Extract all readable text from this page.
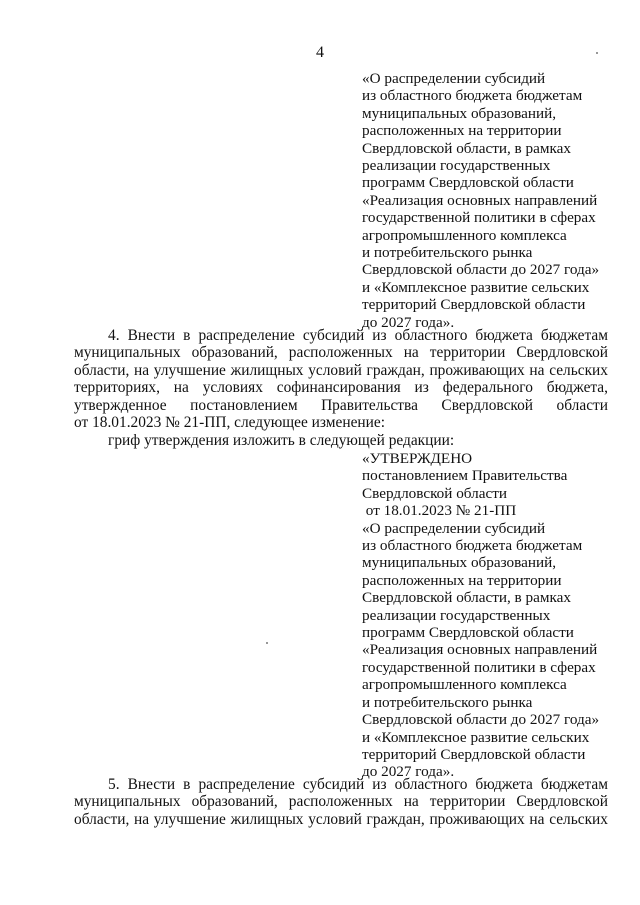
4
«О распределении субсидий
из областного бюджета бюджетам
муниципальных образований,
расположенных на территории
Свердловской области, в рамках
реализации государственных
программ Свердловской области
«Реализация основных направлений
государственной политики в сферах
агропромышленного комплекса
и потребительского рынка
Свердловской области до 2027 года»
и «Комплексное развитие сельских
территорий Свердловской области
до 2027 года».
4. Внести в распределение субсидий из областного бюджета бюджетам
муниципальных образований, расположенных на территории Свердловской
области, на улучшение жилищных условий граждан, проживающих на сельских
территориях, на условиях софинансирования из федерального бюджета,
утвержденное постановлением Правительства Свердловской области
от 18.01.2023 № 21-ПП, следующее изменение:
гриф утверждения изложить в следующей редакции:
«УТВЕРЖДЕНО
постановлением Правительства
Свердловской области
от 18.01.2023 № 21-ПП
«О распределении субсидий
из областного бюджета бюджетам
муниципальных образований,
расположенных на территории
Свердловской области, в рамках
реализации государственных
программ Свердловской области
«Реализация основных направлений
государственной политики в сферах
агропромышленного комплекса
и потребительского рынка
Свердловской области до 2027 года»
и «Комплексное развитие сельских
территорий Свердловской области
до 2027 года».
5. Внести в распределение субсидий из областного бюджета бюджетам
муниципальных образований, расположенных на территории Свердловской
области, на улучшение жилищных условий граждан, проживающих на сельских
